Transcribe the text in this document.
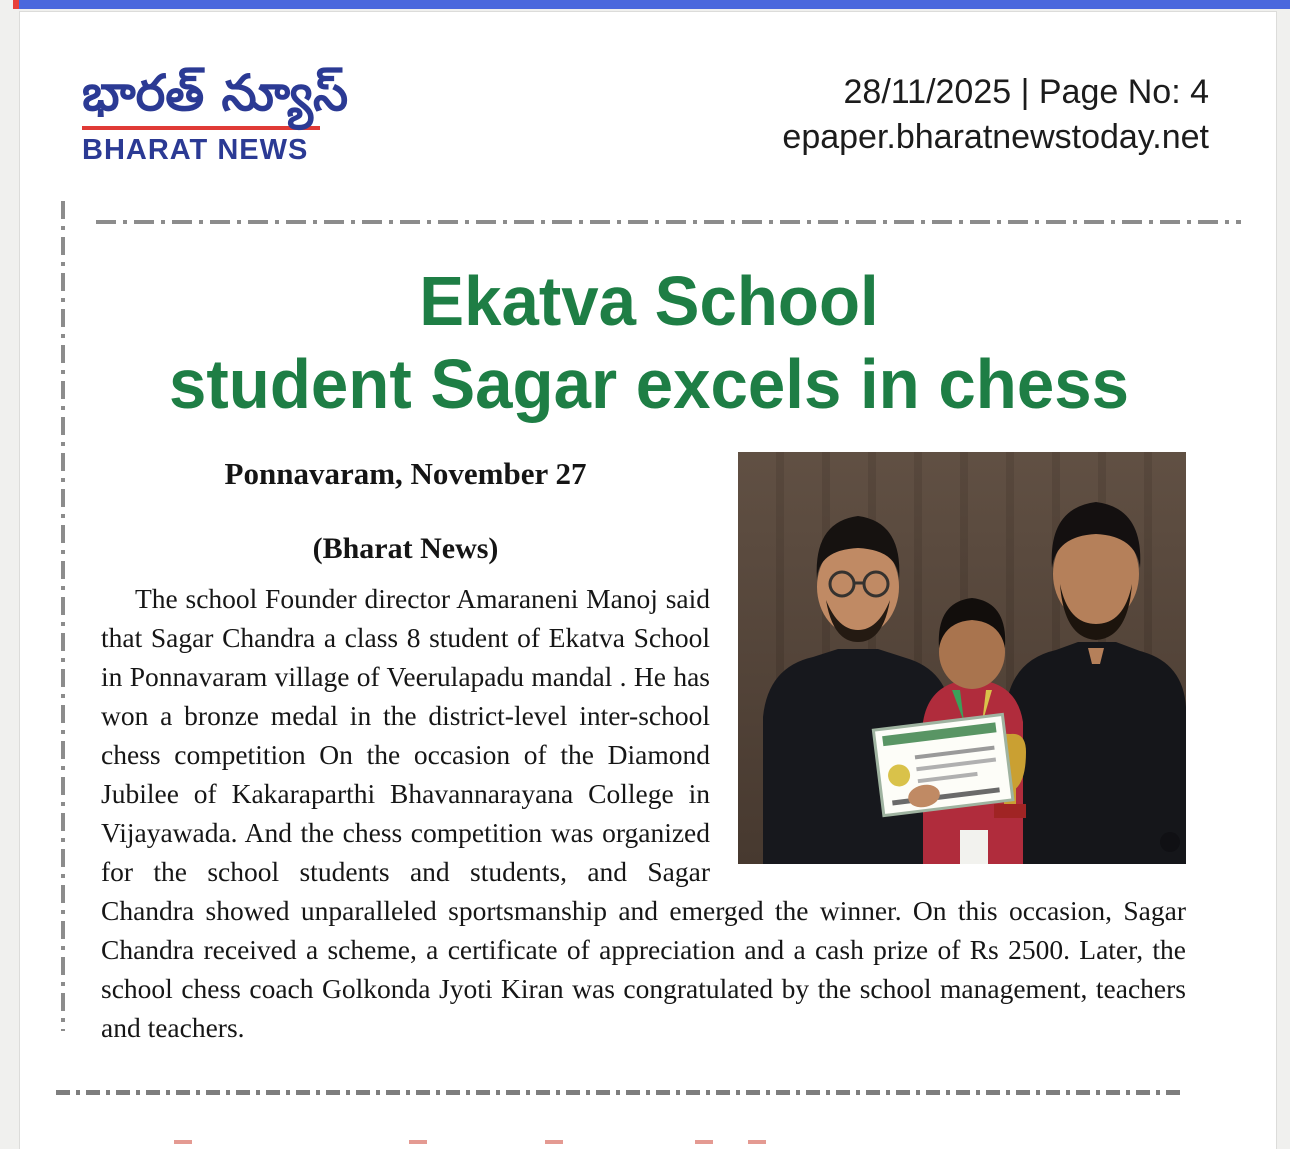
భారత్ న్యూస్
BHARAT NEWS
28/11/2025 | Page No: 4
epaper.bharatnewstoday.net
Ekatva School
student Sagar excels in chess
Ponnavaram, November 27
(Bharat News)

The school Founder director Amaraneni Manoj said that Sagar Chandra a class 8 student of Ekatva School in Ponnavaram village of Veerulapadu mandal . He has won a bronze medal in the district-level inter-school chess competition On the occasion of the Diamond Jubilee of Kakaraparthi Bhavannarayana College in Vijayawada. And the chess competition was organized for the school students and students, and Sagar Chandra showed unparalleled sportsmanship and emerged the winner. On this occasion, Sagar Chandra received a scheme, a certificate of appreciation and a cash prize of Rs 2500. Later, the school chess coach Golkonda Jyoti Kiran was congratulated by the school management, teachers and teachers.
